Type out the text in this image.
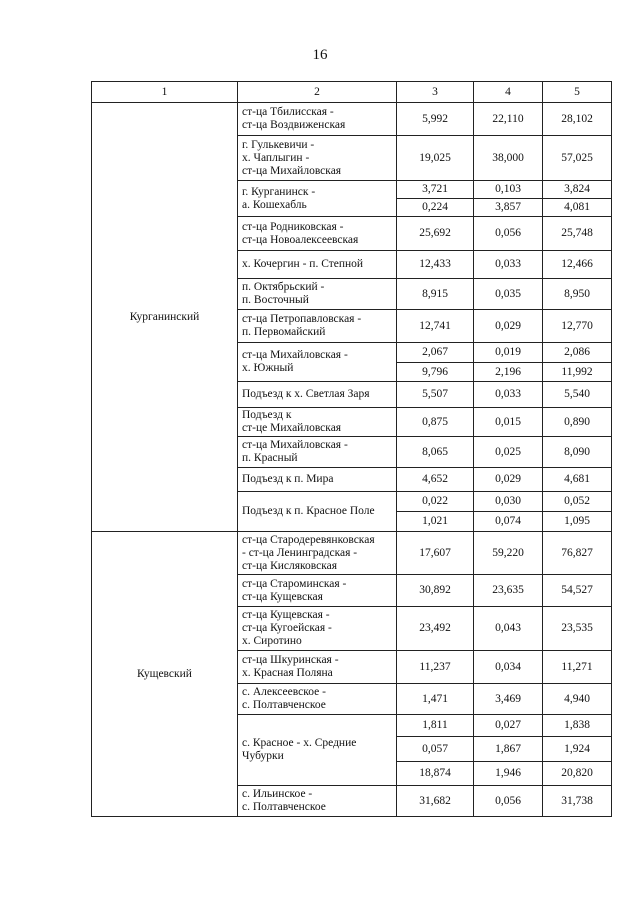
16
1	2	3	4	5
Курганинский	ст-ца Тбилисская -
ст-ца Воздвиженская	5,992	22,110	28,102

	г. Гулькевичи -
х. Чаплыгин -
ст-ца Михайловская	19,025	38,000	57,025

	г. Курганинск -
а. Кошехабль	3,721	0,103	3,824
		0,224	3,857	4,081

	ст-ца Родниковская -
ст-ца Новоалексеевская	25,692	0,056	25,748

	х. Кочергин - п. Степной	12,433	0,033	12,466

	п. Октябрьский -
п. Восточный	8,915	0,035	8,950

	ст-ца Петропавловская -
п. Первомайский	12,741	0,029	12,770

	ст-ца Михайловская -
х. Южный	2,067	0,019	2,086
		9,796	2,196	11,992

	Подъезд к х. Светлая Заря	5,507	0,033	5,540

	Подъезд к
ст-це Михайловская	0,875	0,015	0,890

	ст-ца Михайловская -
п. Красный	8,065	0,025	8,090

	Подъезд к п. Мира	4,652	0,029	4,681

	Подъезд к п. Красное Поле	0,022	0,030	0,052
		1,021	0,074	1,095
Кущевский	ст-ца Стародеревянковская
- ст-ца Ленинградская -
ст-ца Кисляковская	17,607	59,220	76,827

	ст-ца Староминская -
ст-ца Кущевская	30,892	23,635	54,527

	ст-ца Кущевская -
ст-ца Кугоейская -
х. Сиротино	23,492	0,043	23,535

	ст-ца Шкуринская -
х. Красная Поляна	11,237	0,034	11,271

	с. Алексеевское -
с. Полтавченское	1,471	3,469	4,940

	с. Красное - х. Средние
Чубурки	1,811	0,027	1,838
		0,057	1,867	1,924
		18,874	1,946	20,820

	с. Ильинское -
с. Полтавченское	31,682	0,056	31,738
